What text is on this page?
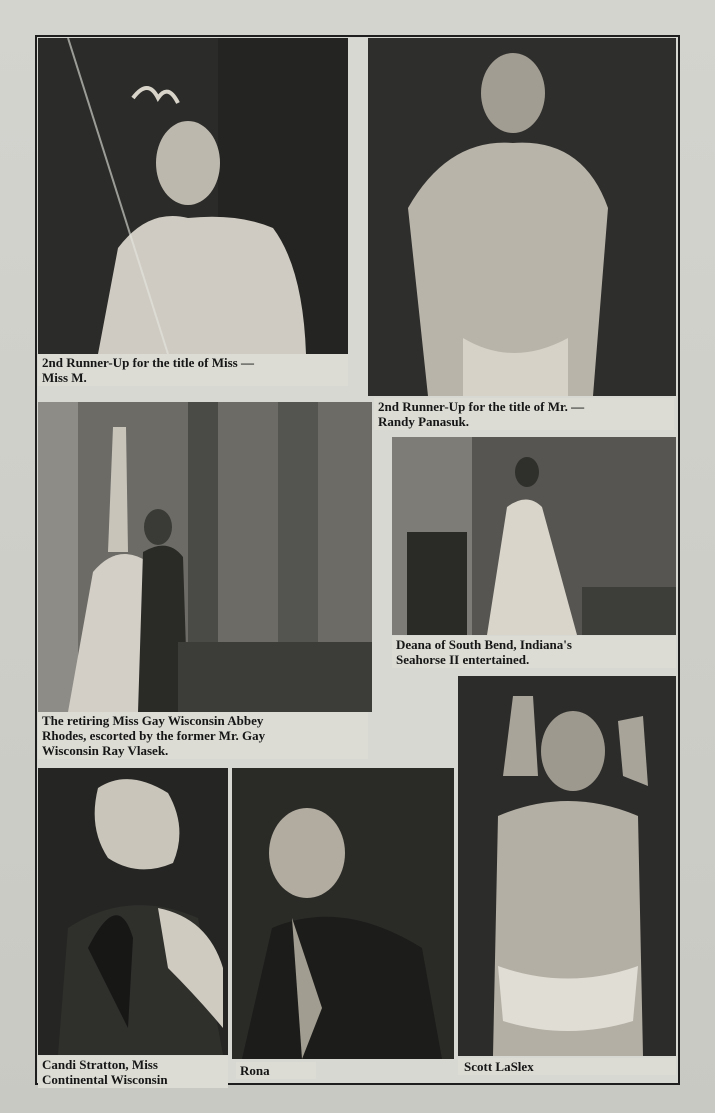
2nd Runner-Up for the title of Miss —
Miss M.
2nd Runner-Up for the title of Mr. —
Randy Panasuk.
The retiring Miss Gay Wisconsin Abbey
Rhodes, escorted by the former Mr. Gay
Wisconsin Ray Vlasek.
Deana of South Bend, Indiana's
Seahorse II entertained.
Scott LaSlex
Candi Stratton, Miss
Continental Wisconsin
Rona
